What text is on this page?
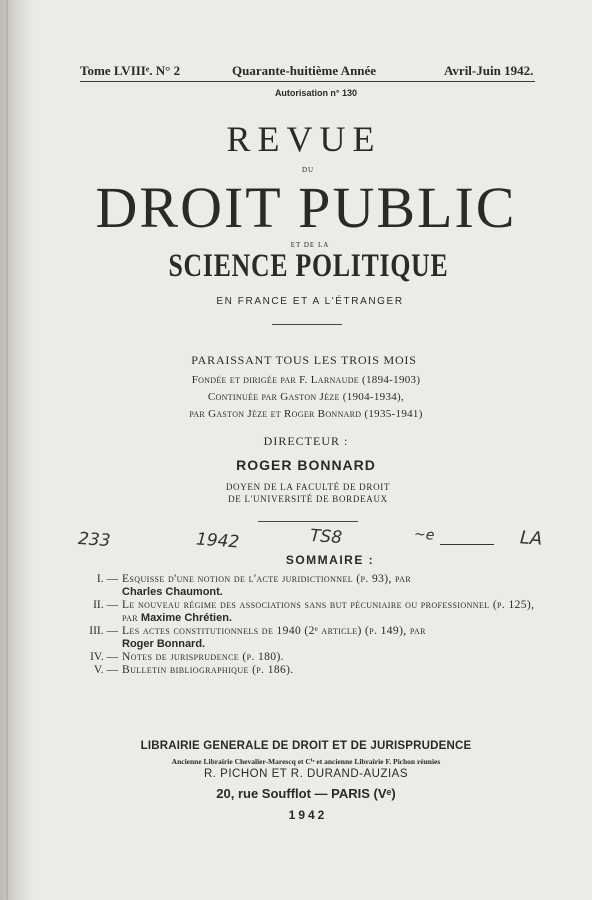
Tome LVIIIᵉ. N° 2	Quarante-huitième Année	Avril-Juin 1942.
Autorisation n° 130
REVUE
DU
DROIT PUBLIC
ET DE LA
SCIENCE POLITIQUE
EN FRANCE ET A L'ÉTRANGER
PARAISSANT TOUS LES TROIS MOIS
Fondée et dirigée par F. Larnaude (1894-1903)
Continuée par Gaston Jèze (1904-1934),
par Gaston Jèze et Roger Bonnard (1935-1941)
DIRECTEUR :
ROGER BONNARD
DOYEN DE LA FACULTÉ DE DROIT
DE L'UNIVERSITÉ DE BORDEAUX
233	1942	TS8	~e	LA
SOMMAIRE :
I. — Esquisse d'une notion de l'acte juridictionnel (p. 93), par
Charles Chaumont.
II. — Le nouveau régime des associations sans but pécuniaire ou professionnel (p. 125), par Maxime Chrétien.
III. — Les actes constitutionnels de 1940 (2ᵉ article) (p. 149), par
Roger Bonnard.
IV. — Notes de jurisprudence (p. 180).
V. — Bulletin bibliographique (p. 186).
LIBRAIRIE GENERALE DE DROIT ET DE JURISPRUDENCE
Ancienne Librairie Chevalier-Marescq et Cⁱᵉ et ancienne Librairie F. Pichon réunies
R. PICHON ET R. DURAND-AUZIAS
20, rue Soufflot — PARIS (Vᵉ)
1942
